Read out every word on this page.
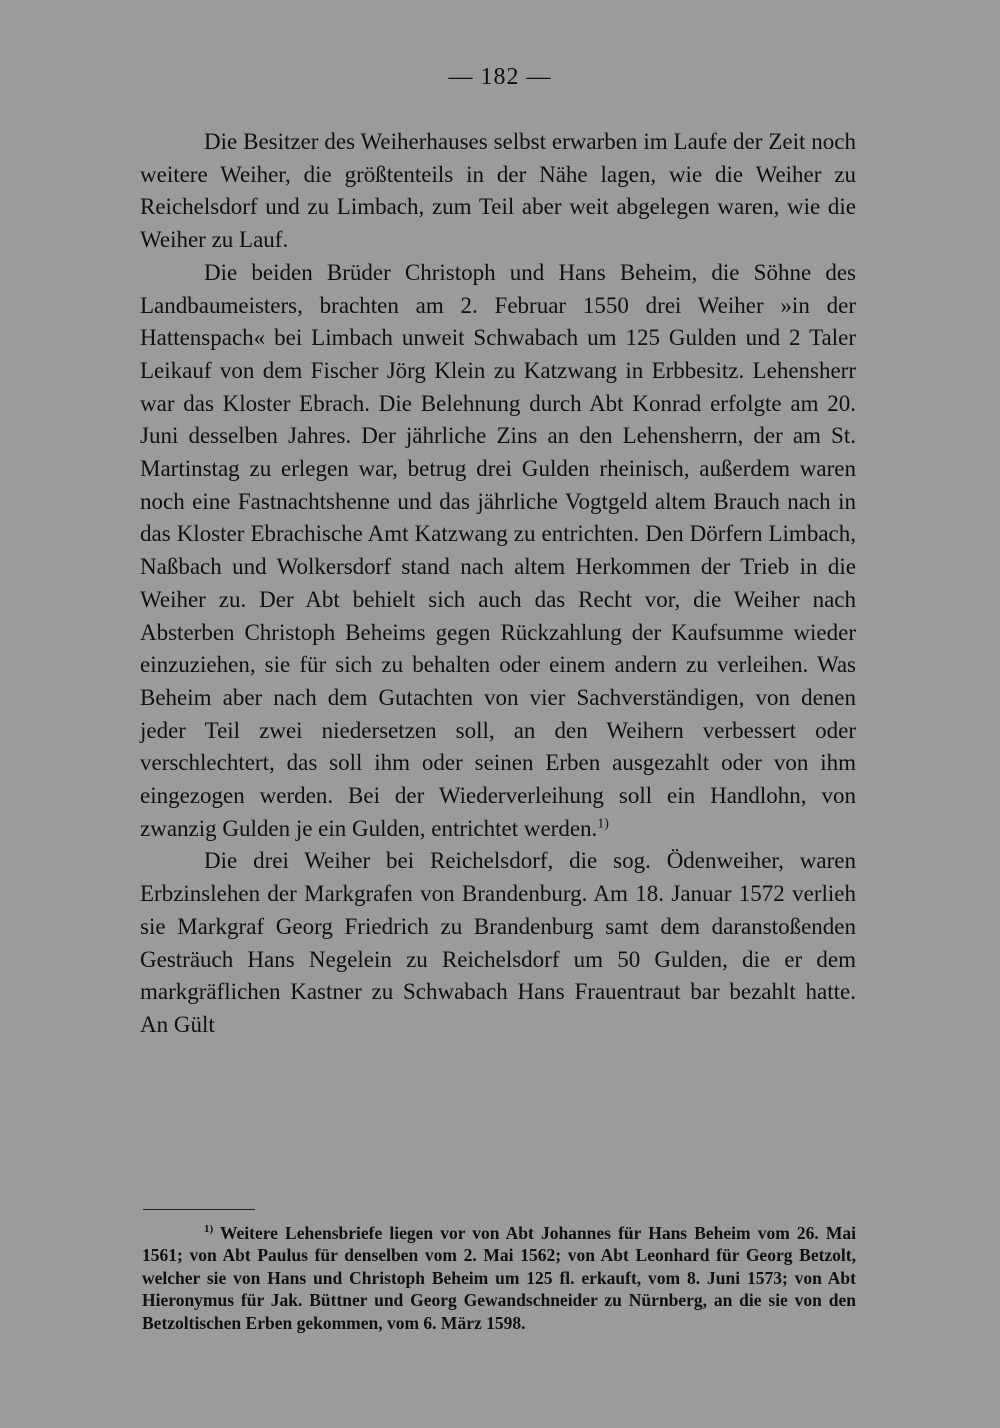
— 182 —

Die Besitzer des Weiherhauses selbst erwarben im Laufe der Zeit noch weitere Weiher, die größtenteils in der Nähe lagen, wie die Weiher zu Reichelsdorf und zu Limbach, zum Teil aber weit abgelegen waren, wie die Weiher zu Lauf.

Die beiden Brüder Christoph und Hans Beheim, die Söhne des Landbaumeisters, brachten am 2. Februar 1550 drei Weiher »in der Hattenspach« bei Limbach unweit Schwabach um 125 Gulden und 2 Taler Leikauf von dem Fischer Jörg Klein zu Katzwang in Erbbesitz. Lehensherr war das Kloster Ebrach. Die Belehnung durch Abt Konrad erfolgte am 20. Juni desselben Jahres. Der jährliche Zins an den Lehensherrn, der am St. Martinstag zu erlegen war, betrug drei Gulden rheinisch, außerdem waren noch eine Fastnachtshenne und das jährliche Vogtgeld altem Brauch nach in das Kloster Ebrachische Amt Katzwang zu entrichten. Den Dörfern Limbach, Naßbach und Wolkersdorf stand nach altem Herkommen der Trieb in die Weiher zu. Der Abt behielt sich auch das Recht vor, die Weiher nach Absterben Christoph Beheims gegen Rückzahlung der Kaufsumme wieder einzuziehen, sie für sich zu behalten oder einem andern zu verleihen. Was Beheim aber nach dem Gutachten von vier Sachverständigen, von denen jeder Teil zwei niedersetzen soll, an den Weihern verbessert oder verschlechtert, das soll ihm oder seinen Erben ausgezahlt oder von ihm eingezogen werden. Bei der Wiederverleihung soll ein Handlohn, von zwanzig Gulden je ein Gulden, entrichtet werden.$^{1)}$

Die drei Weiher bei Reichelsdorf, die sog. Ödenweiher, waren Erbzinslehen der Markgrafen von Brandenburg. Am 18. Januar 1572 verlieh sie Markgraf Georg Friedrich zu Brandenburg samt dem daranstoßenden Gesträuch Hans Negelein zu Reichelsdorf um 50 Gulden, die er dem markgräflichen Kastner zu Schwabach Hans Frauentraut bar bezahlt hatte. An Gült

$^{1)}$ Weitere Lehensbriefe liegen vor von Abt Johannes für Hans Beheim vom 26. Mai 1561; von Abt Paulus für denselben vom 2. Mai 1562; von Abt Leonhard für Georg Betzolt, welcher sie von Hans und Christoph Beheim um 125 fl. erkauft, vom 8. Juni 1573; von Abt Hieronymus für Jak. Büttner und Georg Gewandschneider zu Nürnberg, an die sie von den Betzoltischen Erben gekommen, vom 6. März 1598.
